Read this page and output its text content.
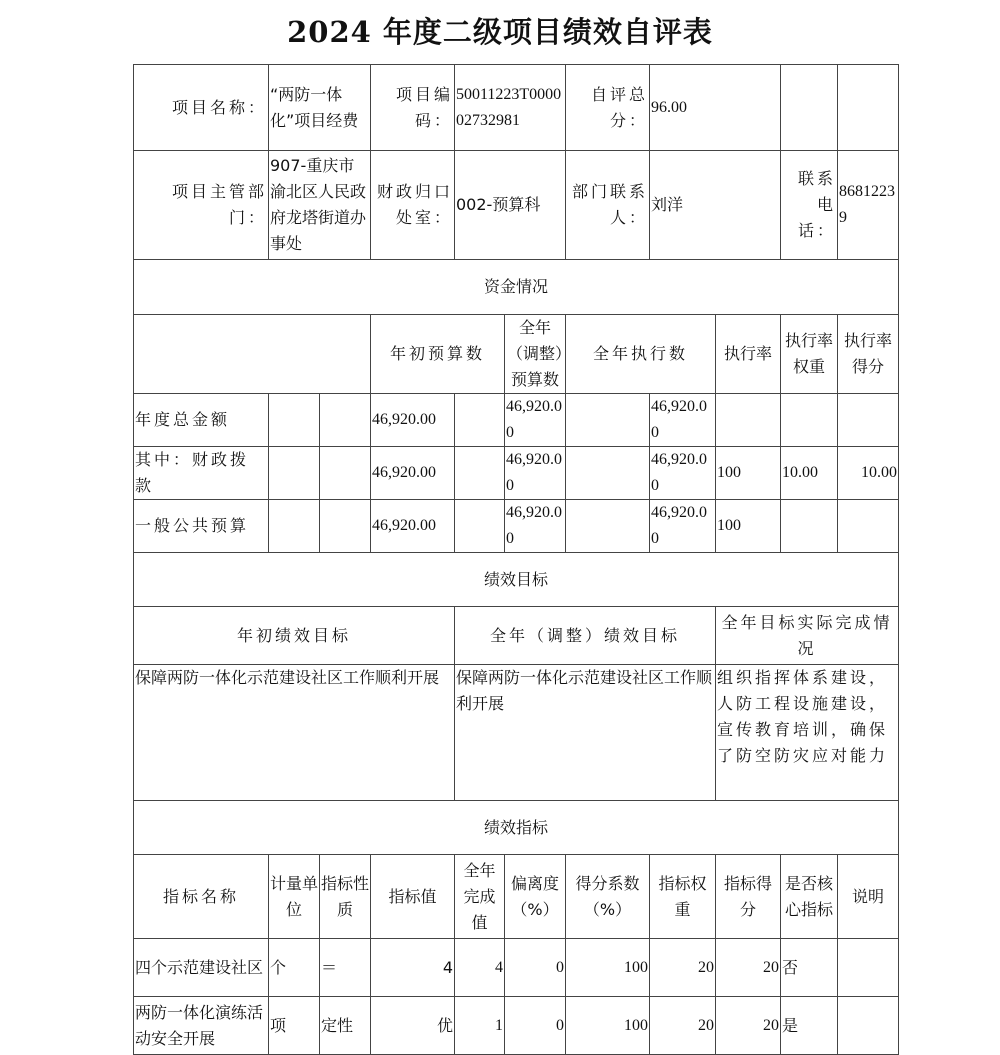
2024 年度二级项目绩效自评表
项目名称：	“两防一体化”项目经费		项目编码：	50011223T000002732981		自评总分：	96.00			
项目主管部门：	907-重庆市渝北区人民政府龙塔街道办事处		财政归口处室：	002-预算科		部门联系人：	刘洋		联系电话：	86812239
资金情况										
			年初预算数		全年（调整）预算数	全年执行数		执行率	执行率权重	执行率得分
年度总金额			46,920.00		46,920.00		46,920.00			
其中：财政拨款			46,920.00		46,920.00		46,920.00	100	10.00	10.00
一般公共预算			46,920.00		46,920.00		46,920.00	100		
绩效目标										
年初绩效目标				全年（调整）绩效目标				全年目标实际完成情况		
保障两防一体化示范建设社区工作顺利开展				保障两防一体化示范建设社区工作顺利开展				组织指挥体系建设，人防工程设施建设，宣传教育培训，确保了防空防灾应对能力		
绩效指标										
指标名称	计量单位	指标性质	指标值	全年完成值	偏离度（%）	得分系数（%）	指标权重	指标得分	是否核心指标	说明
四个示范建设社区	个	＝	4	4	0	100	20	20	否	
两防一体化演练活动安全开展	项	定性	优	1	0	100	20	20	是	
